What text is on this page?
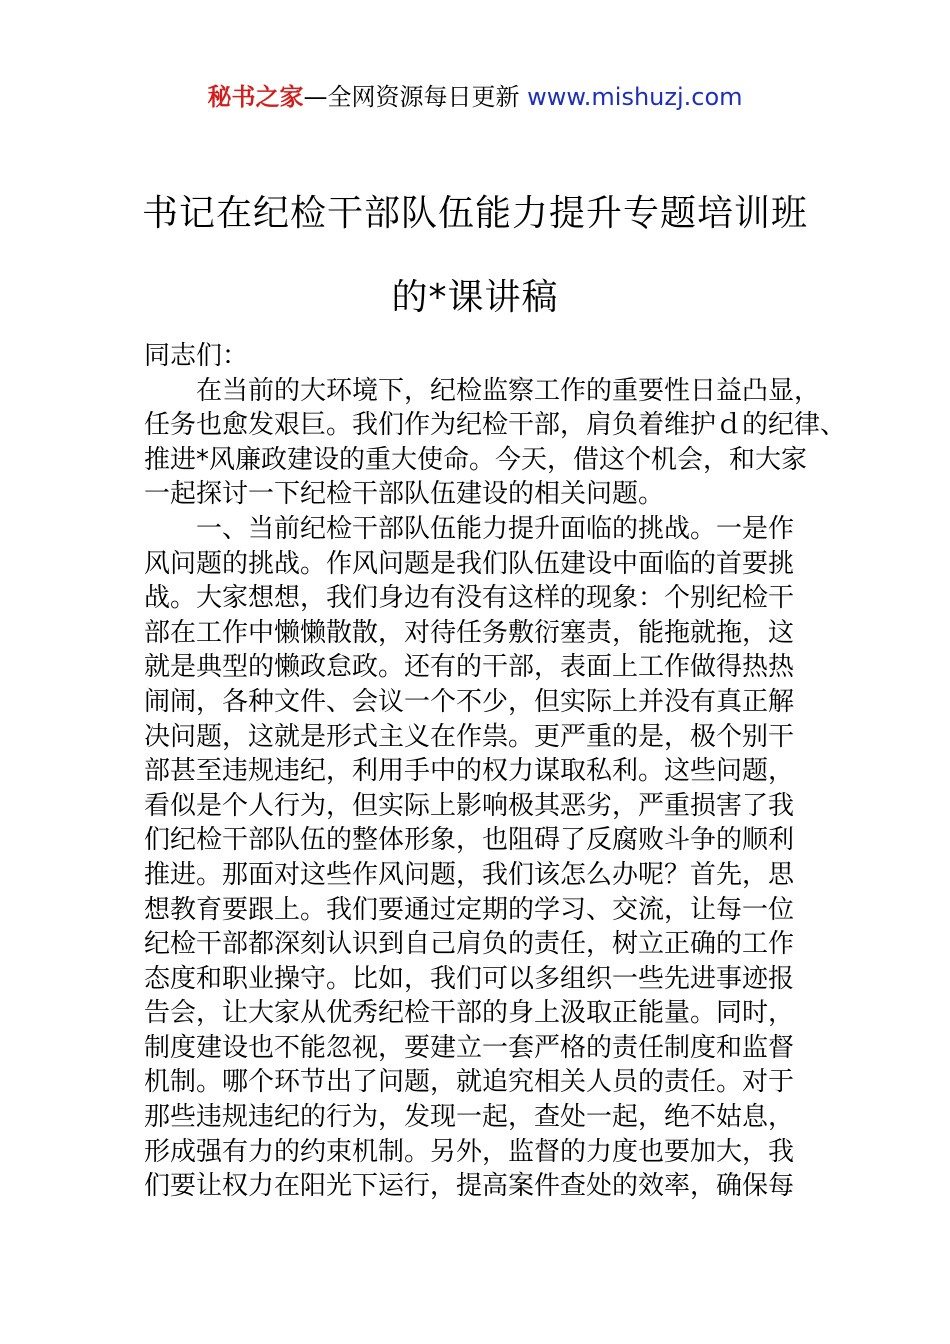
秘书之家—全网资源每日更新 www.mishuzj.com
书记在纪检干部队伍能力提升专题培训班
的*课讲稿

同志们：

在当前的大环境下，纪检监察工作的重要性日益凸显，

任务也愈发艰巨。我们作为纪检干部，肩负着维护ｄ的纪律、

推进*风廉政建设的重大使命。今天，借这个机会，和大家

一起探讨一下纪检干部队伍建设的相关问题。

一、当前纪检干部队伍能力提升面临的挑战。一是作

风问题的挑战。作风问题是我们队伍建设中面临的首要挑

战。大家想想，我们身边有没有这样的现象：个别纪检干

部在工作中懒懒散散，对待任务敷衍塞责，能拖就拖，这

就是典型的懒政怠政。还有的干部，表面上工作做得热热

闹闹，各种文件、会议一个不少，但实际上并没有真正解

决问题，这就是形式主义在作祟。更严重的是，极个别干

部甚至违规违纪，利用手中的权力谋取私利。这些问题，

看似是个人行为，但实际上影响极其恶劣，严重损害了我

们纪检干部队伍的整体形象，也阻碍了反腐败斗争的顺利

推进。那面对这些作风问题，我们该怎么办呢？首先，思

想教育要跟上。我们要通过定期的学习、交流，让每一位

纪检干部都深刻认识到自己肩负的责任，树立正确的工作

态度和职业操守。比如，我们可以多组织一些先进事迹报

告会，让大家从优秀纪检干部的身上汲取正能量。同时，

制度建设也不能忽视，要建立一套严格的责任制度和监督

机制。哪个环节出了问题，就追究相关人员的责任。对于

那些违规违纪的行为，发现一起，查处一起，绝不姑息，

形成强有力的约束机制。另外，监督的力度也要加大，我

们要让权力在阳光下运行，提高案件查处的效率，确保每
